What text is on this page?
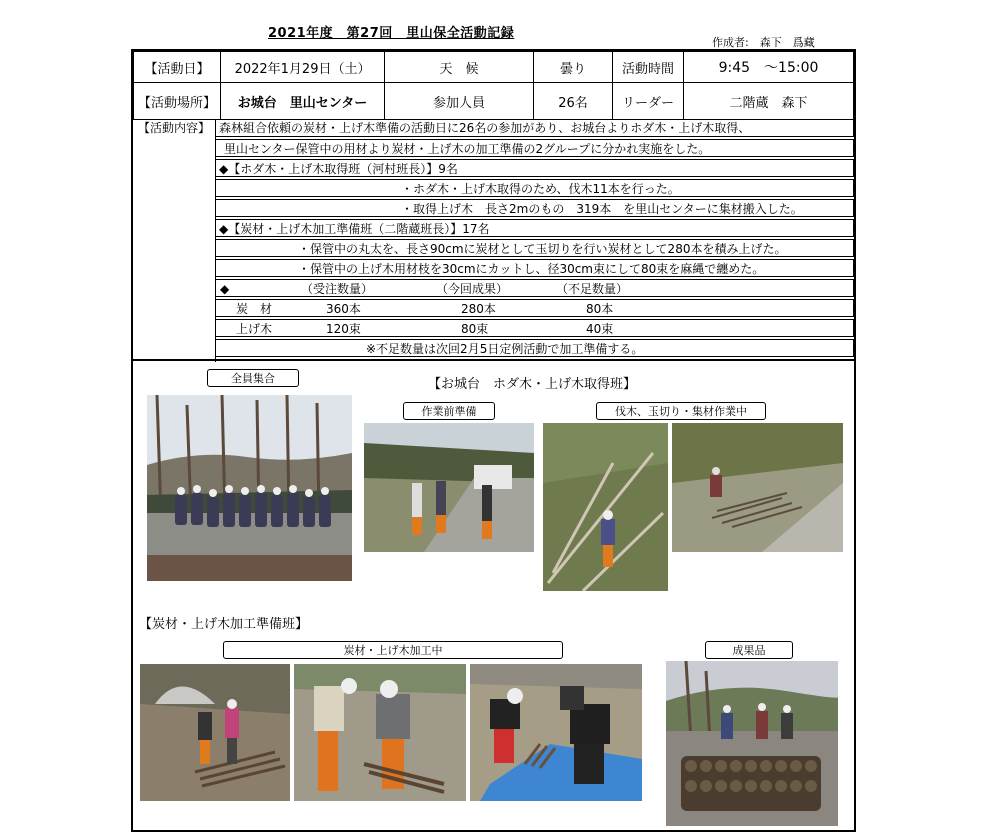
2021年度　第27回　里山保全活動記録
作成者:　森下　爲藏
【活動日】	2022年1月29日（土）	天　候	曇り	活動時間	9:45　～15:00
【活動場所】	お城台　里山センター	参加人員	26名	リーダー	二階蔵　森下
【活動内容】 森林組合依頼の炭材・上げ木準備の活動日に26名の参加があり、お城台よりホダ木・上げ木取得、
里山センター保管中の用材より炭材・上げ木の加工準備の2グループに分かれ実施をした。
◆【ホダ木・上げ木取得班（河村班長）】9名
・ホダ木・上げ木取得のため、伐木11本を行った。
・取得上げ木　長さ2mのもの　319本　を里山センターに集材搬入した。
◆【炭材・上げ木加工準備班（二階蔵班長）】17名
・保管中の丸太を、長さ90cmに炭材として玉切りを行い炭材として280本を積み上げた。
・保管中の上げ木用材枝を30cmにカットし、径30cm束にして80束を麻縄で纏めた。
◆	（受注数量）	（今回成果）	（不足数量）
炭　材	360本	280本	80本
上げ木	120束	80束	40束
※不足数量は次回2月5日定例活動で加工準備する。
全員集合	【お城台　ホダ木・上げ木取得班】
作業前準備	伐木、玉切り・集材作業中
【炭材・上げ木加工準備班】
炭材・上げ木加工中	成果品
